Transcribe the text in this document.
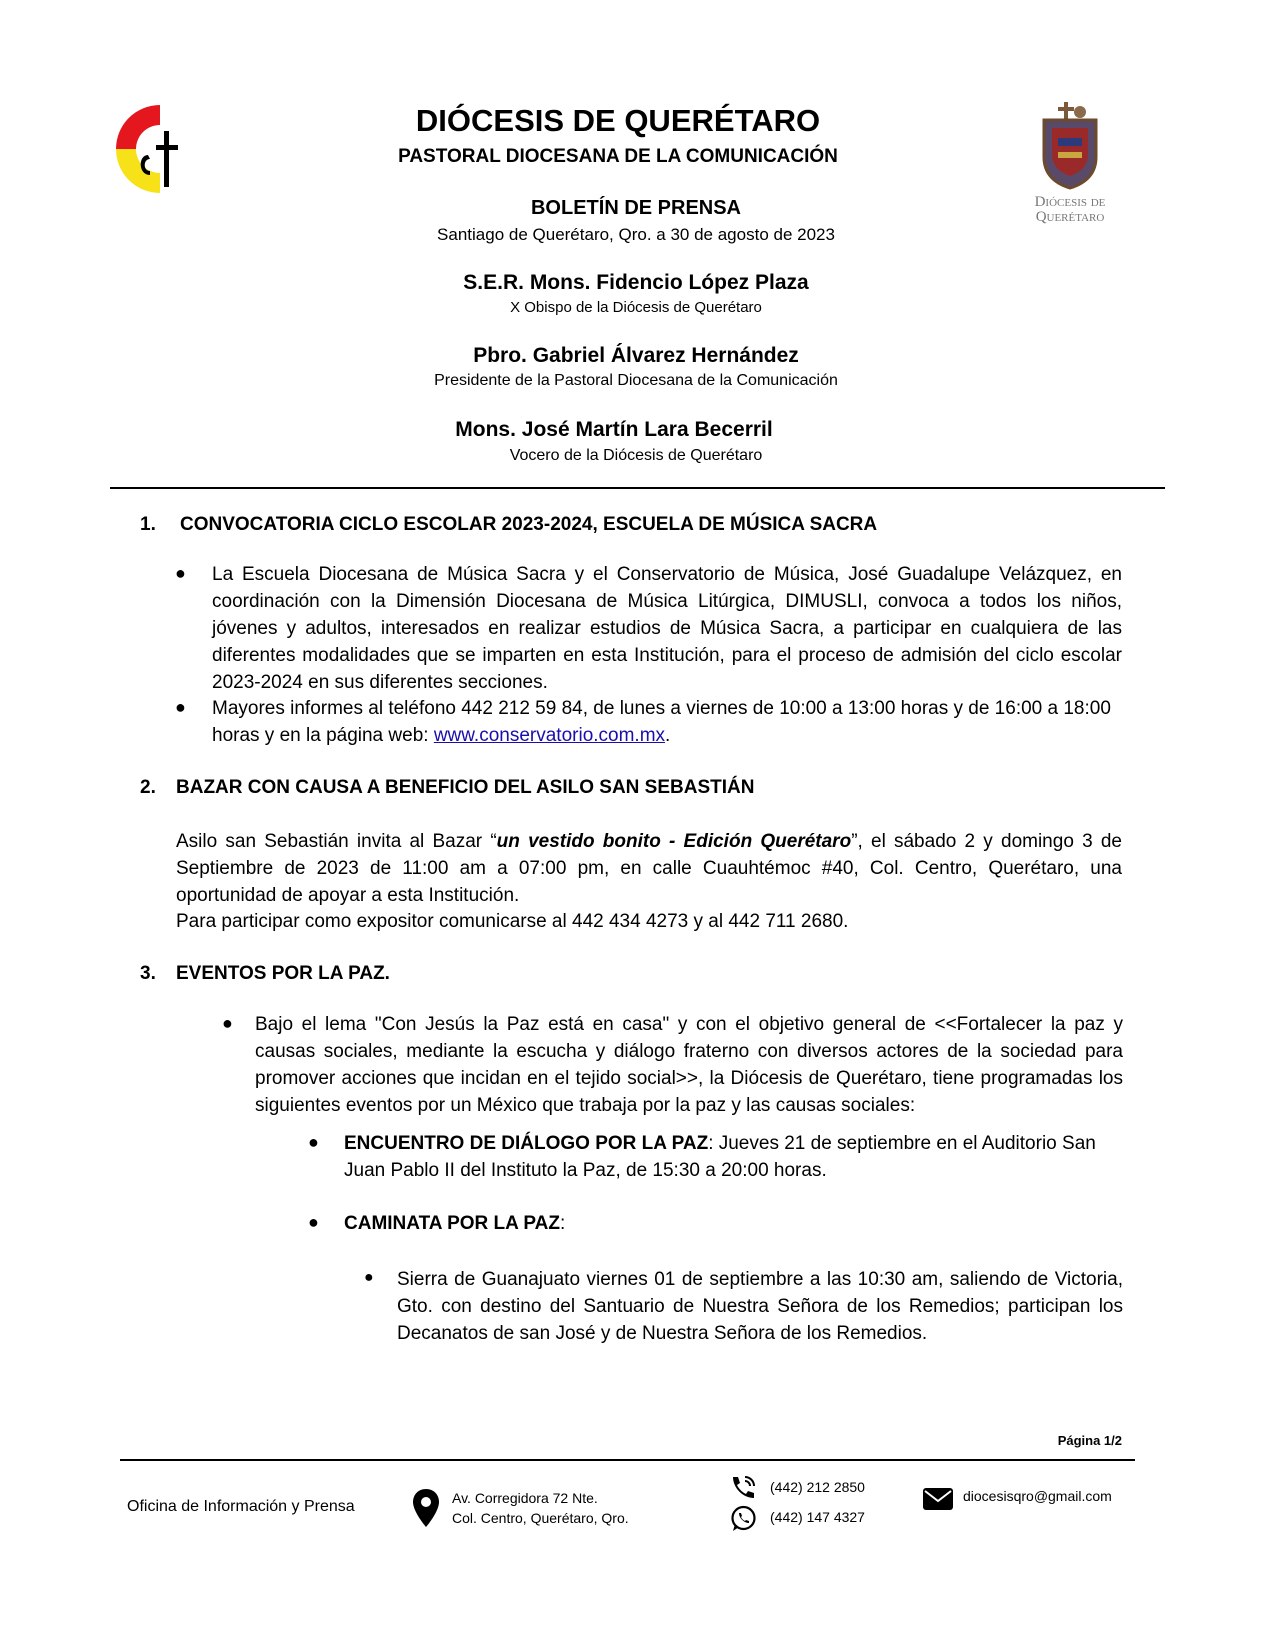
Diócesis de
Querétaro
DIÓCESIS DE QUERÉTARO
PASTORAL DIOCESANA DE LA COMUNICACIÓN
BOLETÍN DE PRENSA
Santiago de Querétaro, Qro. a 30 de agosto de 2023
S.E.R. Mons. Fidencio López Plaza
X Obispo de la Diócesis de Querétaro
Pbro. Gabriel Álvarez Hernández
Presidente de la Pastoral Diocesana de la Comunicación
Mons. José Martín Lara Becerril
Vocero de la Diócesis de Querétaro
1. CONVOCATORIA CICLO ESCOLAR 2023-2024, ESCUELA DE MÚSICA SACRA
● La Escuela Diocesana de Música Sacra y el Conservatorio de Música, José Guadalupe Velázquez, en coordinación con la Dimensión Diocesana de Música Litúrgica, DIMUSLI, convoca a todos los niños, jóvenes y adultos, interesados en realizar estudios de Música Sacra, a participar en cualquiera de las diferentes modalidades que se imparten en esta Institución, para el proceso de admisión del ciclo escolar 2023-2024 en sus diferentes secciones.
● Mayores informes al teléfono 442 212 59 84, de lunes a viernes de 10:00 a 13:00 horas y de 16:00 a 18:00 horas y en la página web: www.conservatorio.com.mx.
2. BAZAR CON CAUSA A BENEFICIO DEL ASILO SAN SEBASTIÁN
Asilo san Sebastián invita al Bazar “un vestido bonito - Edición Querétaro”, el sábado 2 y domingo 3 de Septiembre de 2023 de 11:00 am a 07:00 pm, en calle Cuauhtémoc #40, Col. Centro, Querétaro, una oportunidad de apoyar a esta Institución.
Para participar como expositor comunicarse al 442 434 4273 y al 442 711 2680.
3. EVENTOS POR LA PAZ.
● Bajo el lema "Con Jesús la Paz está en casa" y con el objetivo general de <<Fortalecer la paz y causas sociales, mediante la escucha y diálogo fraterno con diversos actores de la sociedad para promover acciones que incidan en el tejido social>>, la Diócesis de Querétaro, tiene programadas los siguientes eventos por un México que trabaja por la paz y las causas sociales:
● ENCUENTRO DE DIÁLOGO POR LA PAZ: Jueves 21 de septiembre en el Auditorio San Juan Pablo II del Instituto la Paz, de 15:30 a 20:00 horas.
● CAMINATA POR LA PAZ:
● Sierra de Guanajuato viernes 01 de septiembre a las 10:30 am, saliendo de Victoria, Gto. con destino del Santuario de Nuestra Señora de los Remedios; participan los Decanatos de san José y de Nuestra Señora de los Remedios.
Página 1/2
Oficina de Información y Prensa	Av. Corregidora 72 Nte.
Col. Centro, Querétaro, Qro.
(442) 212 2850
(442) 147 4327
diocesisqro@gmail.com
